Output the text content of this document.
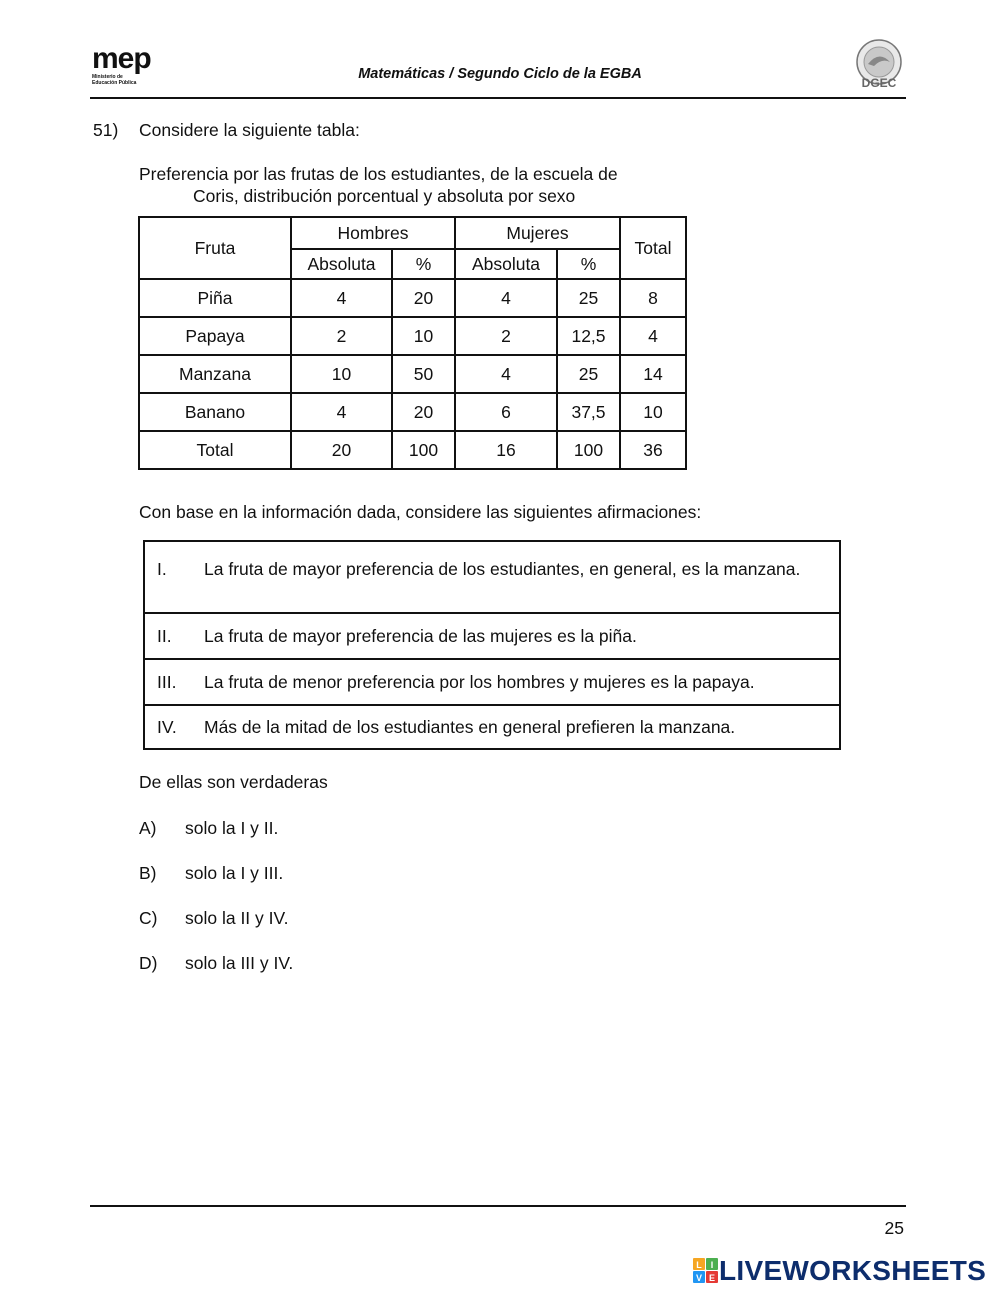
mep
Ministerio de
Educación Pública
Matemáticas / Segundo Ciclo de la EGBA
DGEC
51) Considere la siguiente tabla:
Preferencia por las frutas de los estudiantes, de la escuela de
Coris, distribución porcentual y absoluta por sexo
Fruta	Hombres		Mujeres		Total
	Absoluta	%	Absoluta	%	
Piña	4	20	4	25	8
Papaya	2	10	2	12,5	4
Manzana	10	50	4	25	14
Banano	4	20	6	37,5	10
Total	20	100	16	100	36
Con base en la información dada, considere las siguientes afirmaciones:
I.	La fruta de mayor preferencia de los estudiantes, en general, es la manzana.
II.	La fruta de mayor preferencia de las mujeres es la piña.
III.	La fruta de menor preferencia por los hombres y mujeres es la papaya.
IV.	Más de la mitad de los estudiantes en general prefieren la manzana.
De ellas son verdaderas
A) solo la I y II.
B) solo la I y III.
C) solo la II y IV.
D) solo la III y IV.
25
L I
V E LIVEWORKSHEETS
